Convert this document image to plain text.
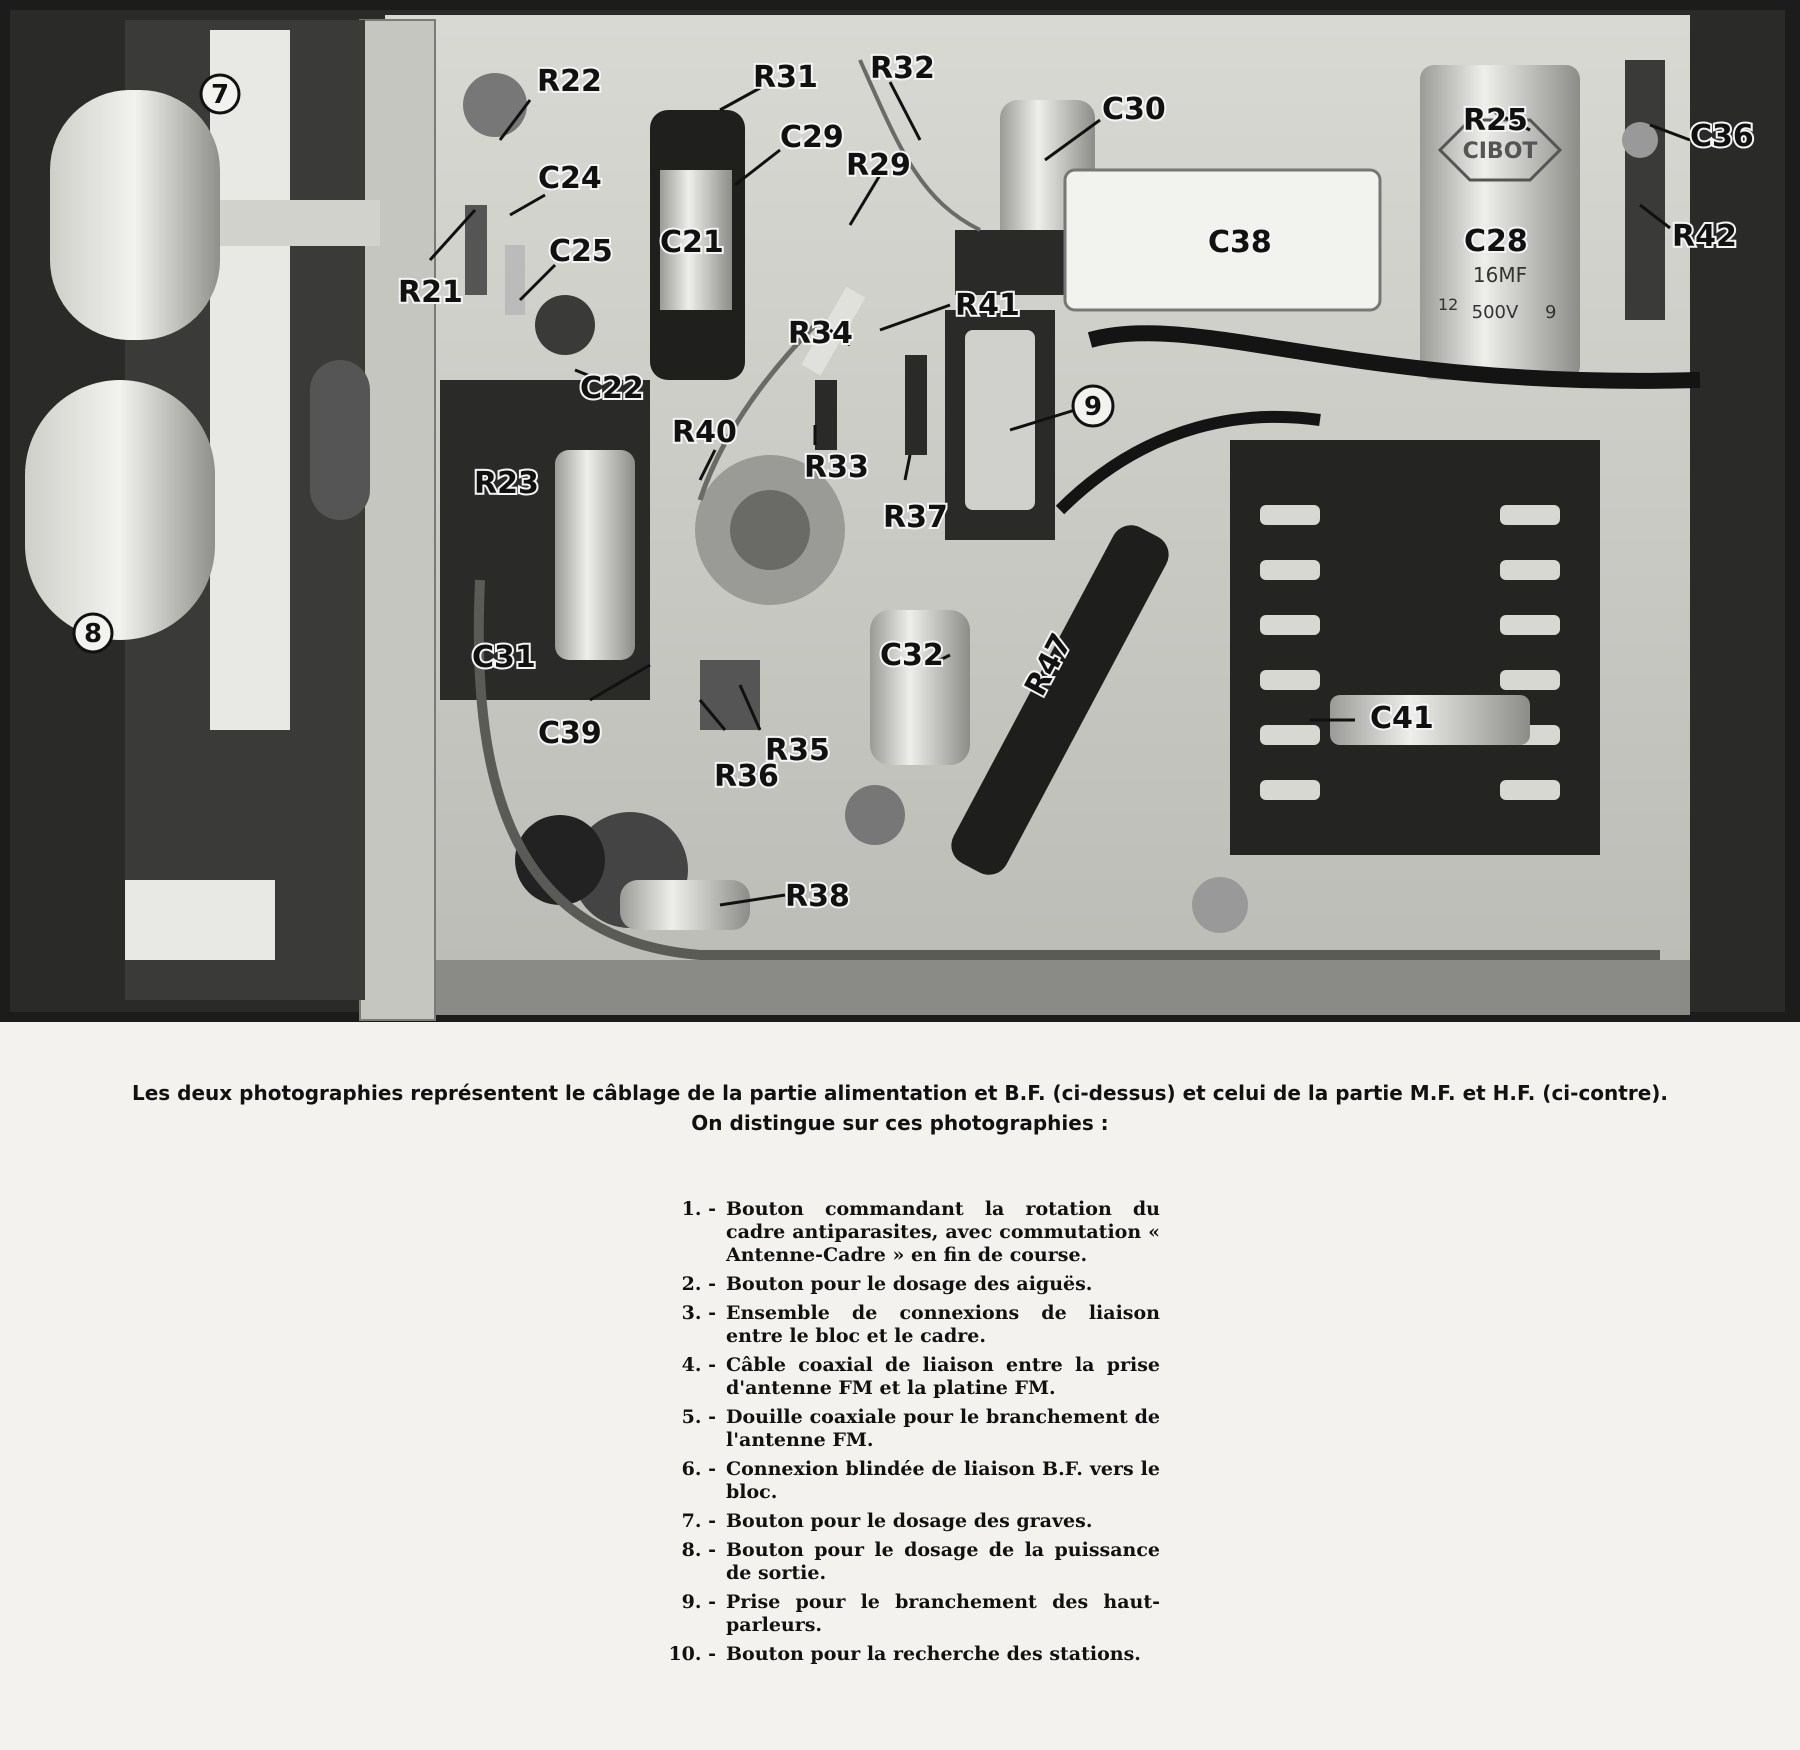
CIBOT
16MF
12 500V 9
R22	R31 R32
C30	R25	C36
C24
C29
R29
R21
C25 C21	C38	C28	R42
R41
R34
C22
R40
R33
R37
R23
C31
C39
R36
R35
C32 R47
C41
R38
7
8
9

Les deux photographies représentent le câblage de la partie alimentation et B.F. (ci-dessus) et celui de la partie M.F. et H.F. (ci-contre).
On distingue sur ces photographies :

1. - Bouton commandant la rotation du cadre antiparasites, avec commutation « Antenne-Cadre » en fin de course.
2. - Bouton pour le dosage des aiguës.
3. - Ensemble de connexions de liaison entre le bloc et le cadre.
4. - Câble coaxial de liaison entre la prise d'antenne FM et la platine FM.
5. - Douille coaxiale pour le branchement de l'antenne FM.
6. - Connexion blindée de liaison B.F. vers le bloc.
7. - Bouton pour le dosage des graves.
8. - Bouton pour le dosage de la puissance de sortie.
9. - Prise pour le branchement des haut-parleurs.
10. - Bouton pour la recherche des stations.
